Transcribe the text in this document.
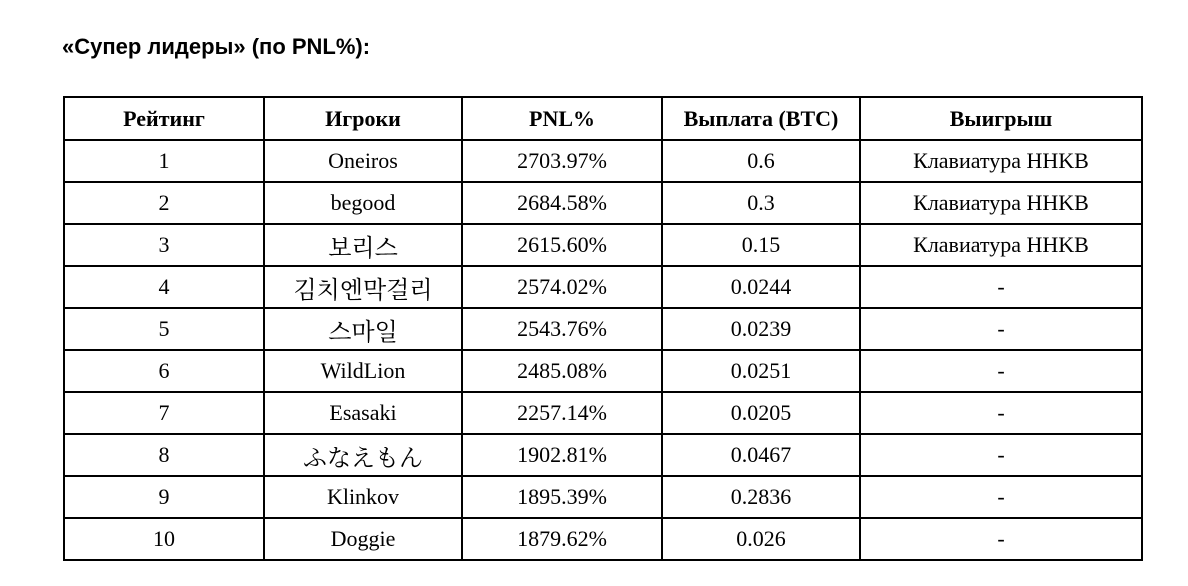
«Супер лидеры» (по PNL%):
Рейтинг	Игроки	PNL%	Выплата (BTC)	Выигрыш
1	Oneiros	2703.97%	0.6	Клавиатура HHKB
2	begood	2684.58%	0.3	Клавиатура HHKB
3	보리스	2615.60%	0.15	Клавиатура HHKB
4	김치엔막걸리	2574.02%	0.0244	-
5	스마일	2543.76%	0.0239	-
6	WildLion	2485.08%	0.0251	-
7	Esasaki	2257.14%	0.0205	-
8	ふなえもん	1902.81%	0.0467	-
9	Klinkov	1895.39%	0.2836	-
10	Doggie	1879.62%	0.026	-
